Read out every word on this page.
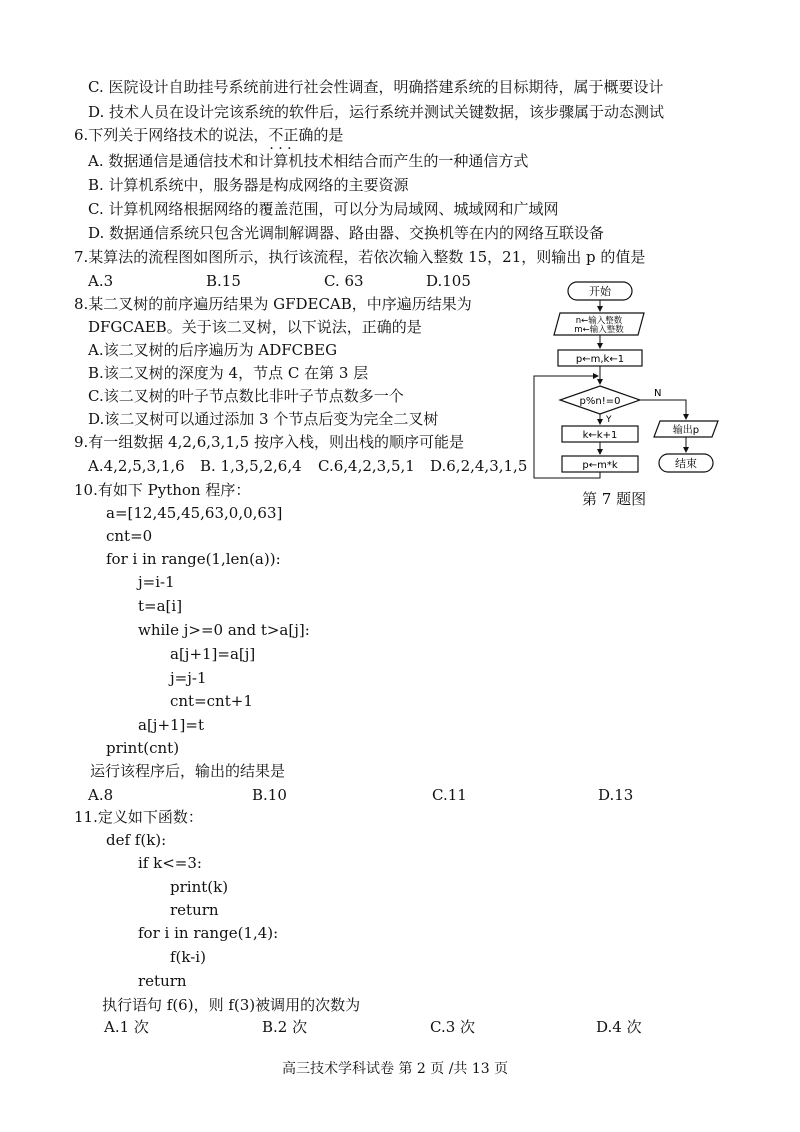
C. 医院设计自助挂号系统前进行社会性调查，明确搭建系统的目标期待，属于概要设计
D. 技术人员在设计完该系统的软件后，运行系统并测试关键数据，该步骤属于动态测试
6.下列关于网络技术的说法，不正确 · · ·的是
A. 数据通信是通信技术和计算机技术相结合而产生的一种通信方式
B. 计算机系统中，服务器是构成网络的主要资源
C. 计算机网络根据网络的覆盖范围，可以分为局域网、城域网和广域网
D. 数据通信系统只包含光调制解调器、路由器、交换机等在内的网络互联设备
7.某算法的流程图如图所示，执行该流程，若依次输入整数 15，21，则输出 p 的值是
A.3	B.15	C. 63	D.105
开始
n←输入整数
m←输入整数
p←m,k←1
p%n!=0
N
输出p
结束
Y
k←k+1
p←m*k
第 7 题图
8.某二叉树的前序遍历结果为 GFDECAB，中序遍历结果为
DFGCAEB。关于该二叉树，以下说法，正确的是
A.该二叉树的后序遍历为 ADFCBEG
B.该二叉树的深度为 4，节点 C 在第 3 层
C.该二叉树的叶子节点数比非叶子节点数多一个
D.该二叉树可以通过添加 3 个节点后变为完全二叉树
9.有一组数据 4,2,6,3,1,5 按序入栈，则出栈的顺序可能是
A.4,2,5,3,1,6 B. 1,3,5,2,6,4 C.6,4,2,3,5,1 D.6,2,4,3,1,5
10.有如下 Python 程序：
a=[12,45,45,63,0,0,63]
cnt=0
for i in range(1,len(a)):
j=i-1
t=a[i]
while j>=0 and t>a[j]:
a[j+1]=a[j]
j=j-1
cnt=cnt+1
a[j+1]=t
print(cnt)
运行该程序后，输出的结果是
A.8	B.10	C.11	D.13
11.定义如下函数：
def f(k):
if k<=3:
print(k)
return
for i in range(1,4):
f(k-i)
return
执行语句 f(6)，则 f(3)被调用的次数为
A.1 次	B.2 次	C.3 次	D.4 次
高三技术学科试卷 第 2 页 /共 13 页
